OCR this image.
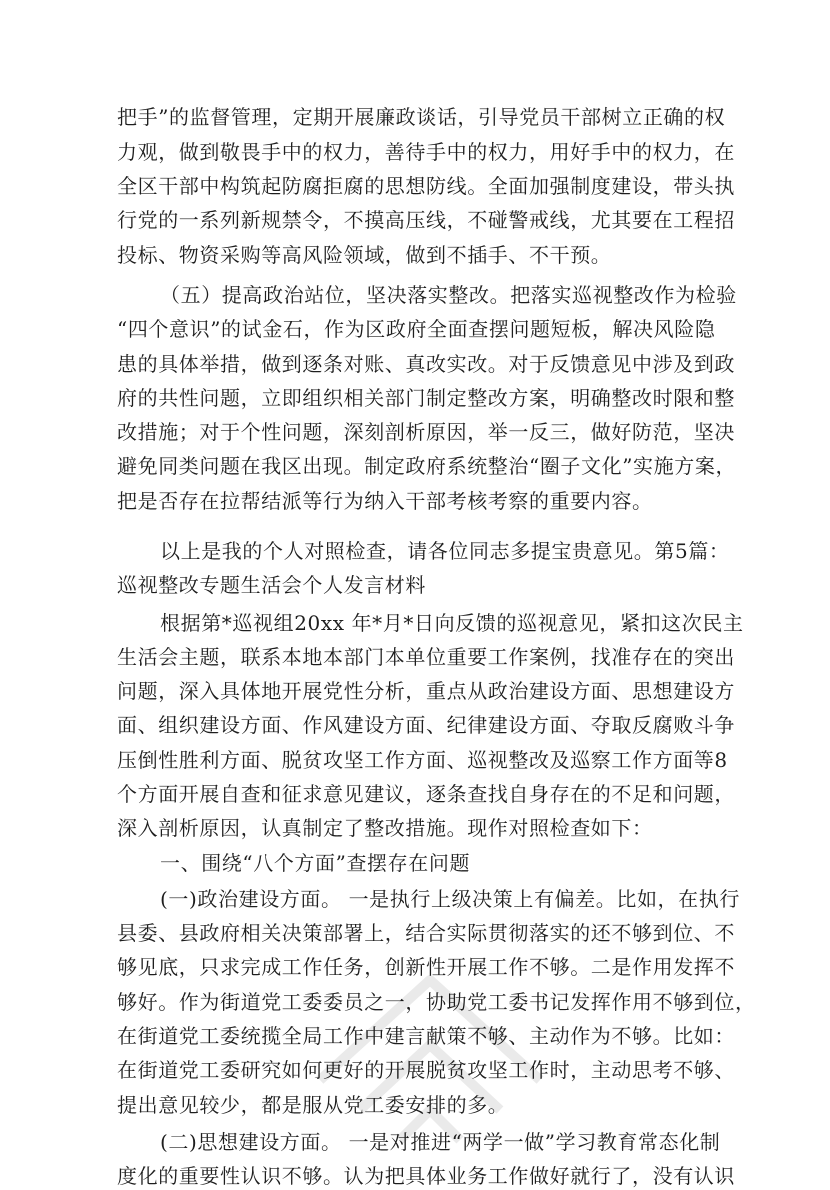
把手”的监督管理，定期开展廉政谈话，引导党员干部树立正确的权
力观，做到敬畏手中的权力，善待手中的权力，用好手中的权力，在
全区干部中构筑起防腐拒腐的思想防线。全面加强制度建设，带头执
行党的一系列新规禁令，不摸高压线，不碰警戒线，尤其要在工程招
投标、物资采购等高风险领域，做到不插手、不干预。
（五）提高政治站位，坚决落实整改。把落实巡视整改作为检验
“四个意识”的试金石，作为区政府全面查摆问题短板，解决风险隐
患的具体举措，做到逐条对账、真改实改。对于反馈意见中涉及到政
府的共性问题，立即组织相关部门制定整改方案，明确整改时限和整
改措施；对于个性问题，深刻剖析原因，举一反三，做好防范，坚决
避免同类问题在我区出现。制定政府系统整治“圈子文化”实施方案，
把是否存在拉帮结派等行为纳入干部考核考察的重要内容。
以上是我的个人对照检查，请各位同志多提宝贵意见。第5篇：
巡视整改专题生活会个人发言材料
根据第*巡视组20xx 年*月*日向反馈的巡视意见，紧扣这次民主
生活会主题，联系本地本部门本单位重要工作案例，找准存在的突出
问题，深入具体地开展党性分析，重点从政治建设方面、思想建设方
面、组织建设方面、作风建设方面、纪律建设方面、夺取反腐败斗争
压倒性胜利方面、脱贫攻坚工作方面、巡视整改及巡察工作方面等8
个方面开展自查和征求意见建议，逐条查找自身存在的不足和问题，
深入剖析原因，认真制定了整改措施。现作对照检查如下：
一、围绕“八个方面”查摆存在问题
(一)政治建设方面。 一是执行上级决策上有偏差。比如，在执行
县委、县政府相关决策部署上，结合实际贯彻落实的还不够到位、不
够见底，只求完成工作任务，创新性开展工作不够。二是作用发挥不
够好。作为街道党工委委员之一，协助党工委书记发挥作用不够到位，
在街道党工委统揽全局工作中建言献策不够、主动作为不够。比如：
在街道党工委研究如何更好的开展脱贫攻坚工作时，主动思考不够、
提出意见较少，都是服从党工委安排的多。
(二)思想建设方面。 一是对推进“两学一做”学习教育常态化制
度化的重要性认识不够。认为把具体业务工作做好就行了，没有认识
